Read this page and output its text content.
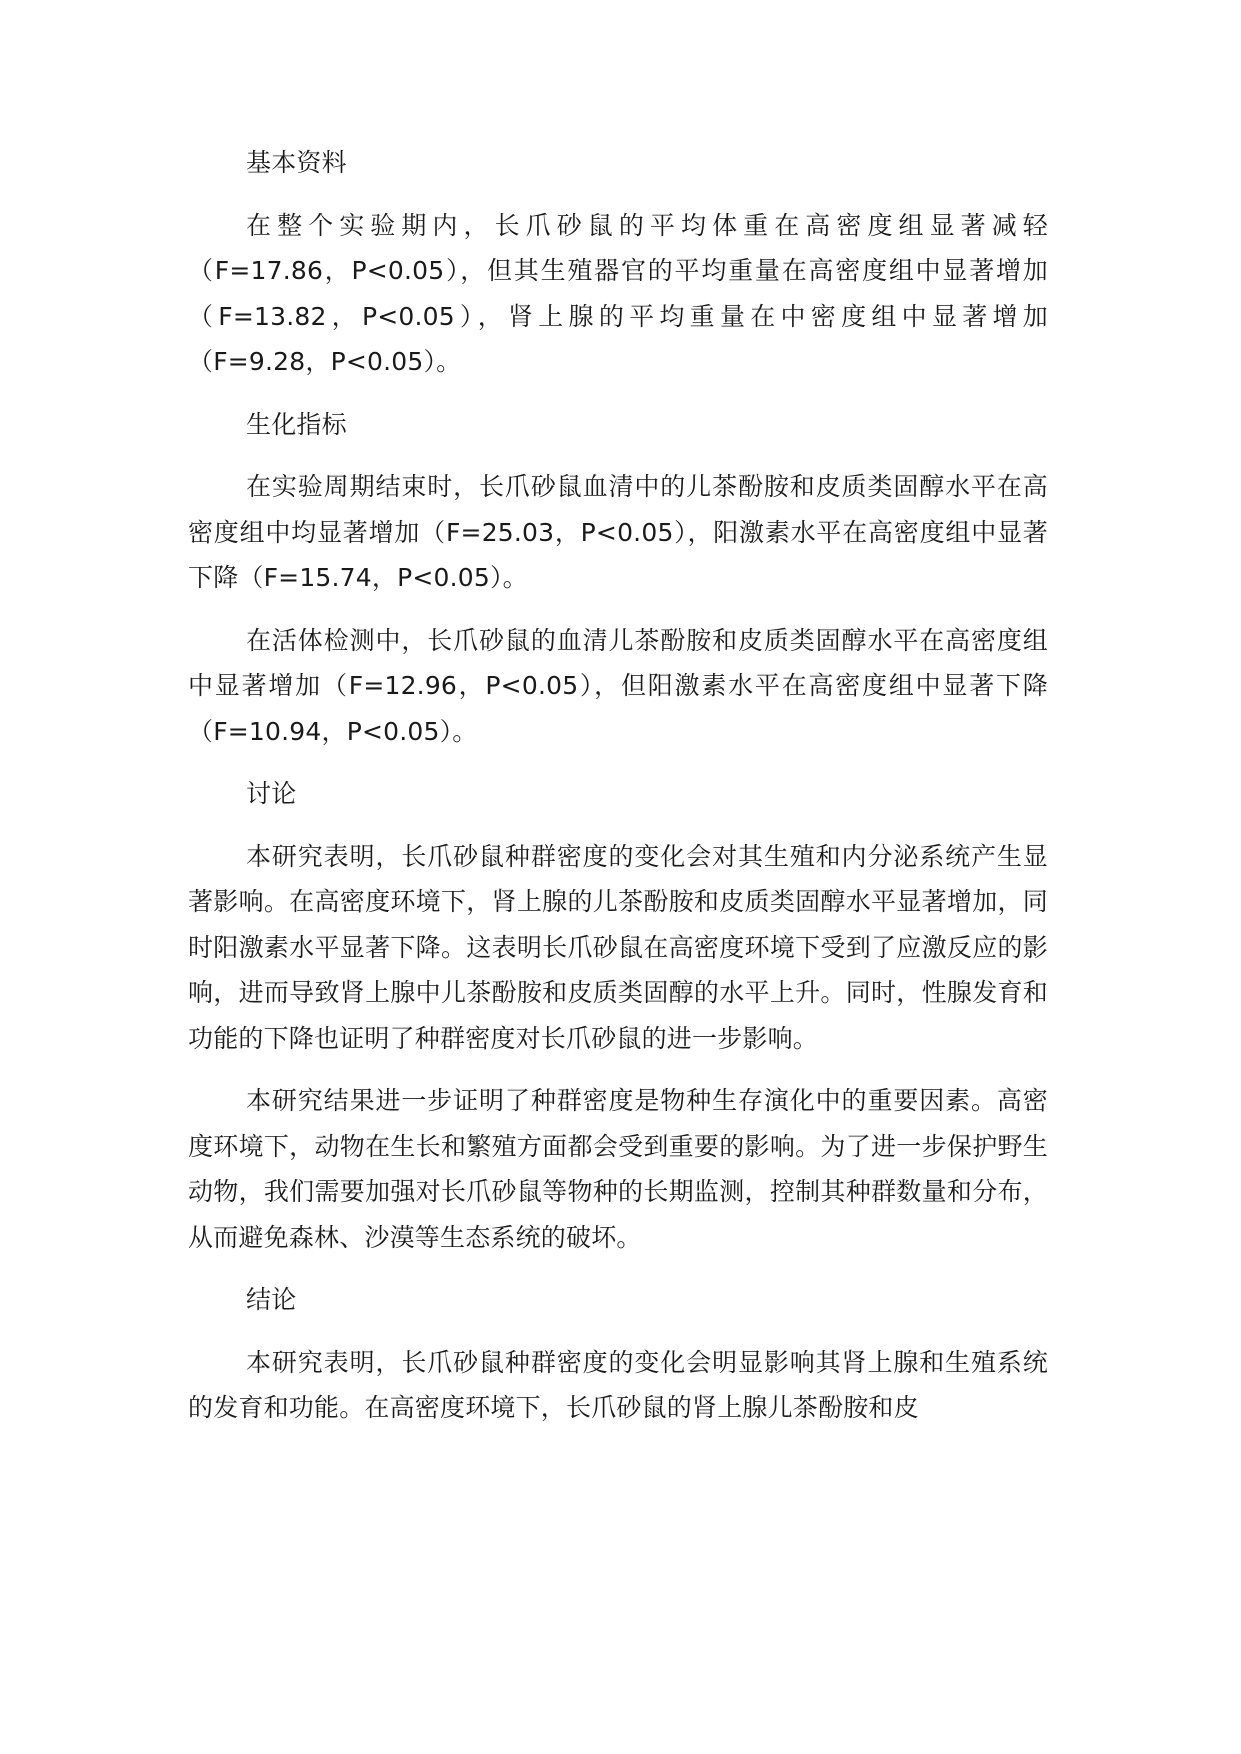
基本资料
在整个实验期内，长爪砂鼠的平均体重在高密度组显著减轻（F=17.86，P<0.05），但其生殖器官的平均重量在高密度组中显著增加（F=13.82，P<0.05），肾上腺的平均重量在中密度组中显著增加（F=9.28，P<0.05）。
生化指标
在实验周期结束时，长爪砂鼠血清中的儿茶酚胺和皮质类固醇水平在高密度组中均显著增加（F=25.03，P<0.05），阳激素水平在高密度组中显著下降（F=15.74，P<0.05）。
在活体检测中，长爪砂鼠的血清儿茶酚胺和皮质类固醇水平在高密度组中显著增加（F=12.96，P<0.05），但阳激素水平在高密度组中显著下降（F=10.94，P<0.05）。
讨论
本研究表明，长爪砂鼠种群密度的变化会对其生殖和内分泌系统产生显著影响。在高密度环境下，肾上腺的儿茶酚胺和皮质类固醇水平显著增加，同时阳激素水平显著下降。这表明长爪砂鼠在高密度环境下受到了应激反应的影响，进而导致肾上腺中儿茶酚胺和皮质类固醇的水平上升。同时，性腺发育和功能的下降也证明了种群密度对长爪砂鼠的进一步影响。
本研究结果进一步证明了种群密度是物种生存演化中的重要因素。高密度环境下，动物在生长和繁殖方面都会受到重要的影响。为了进一步保护野生动物，我们需要加强对长爪砂鼠等物种的长期监测，控制其种群数量和分布，从而避免森林、沙漠等生态系统的破坏。
结论
本研究表明，长爪砂鼠种群密度的变化会明显影响其肾上腺和生殖系统的发育和功能。在高密度环境下，长爪砂鼠的肾上腺儿茶酚胺和皮
